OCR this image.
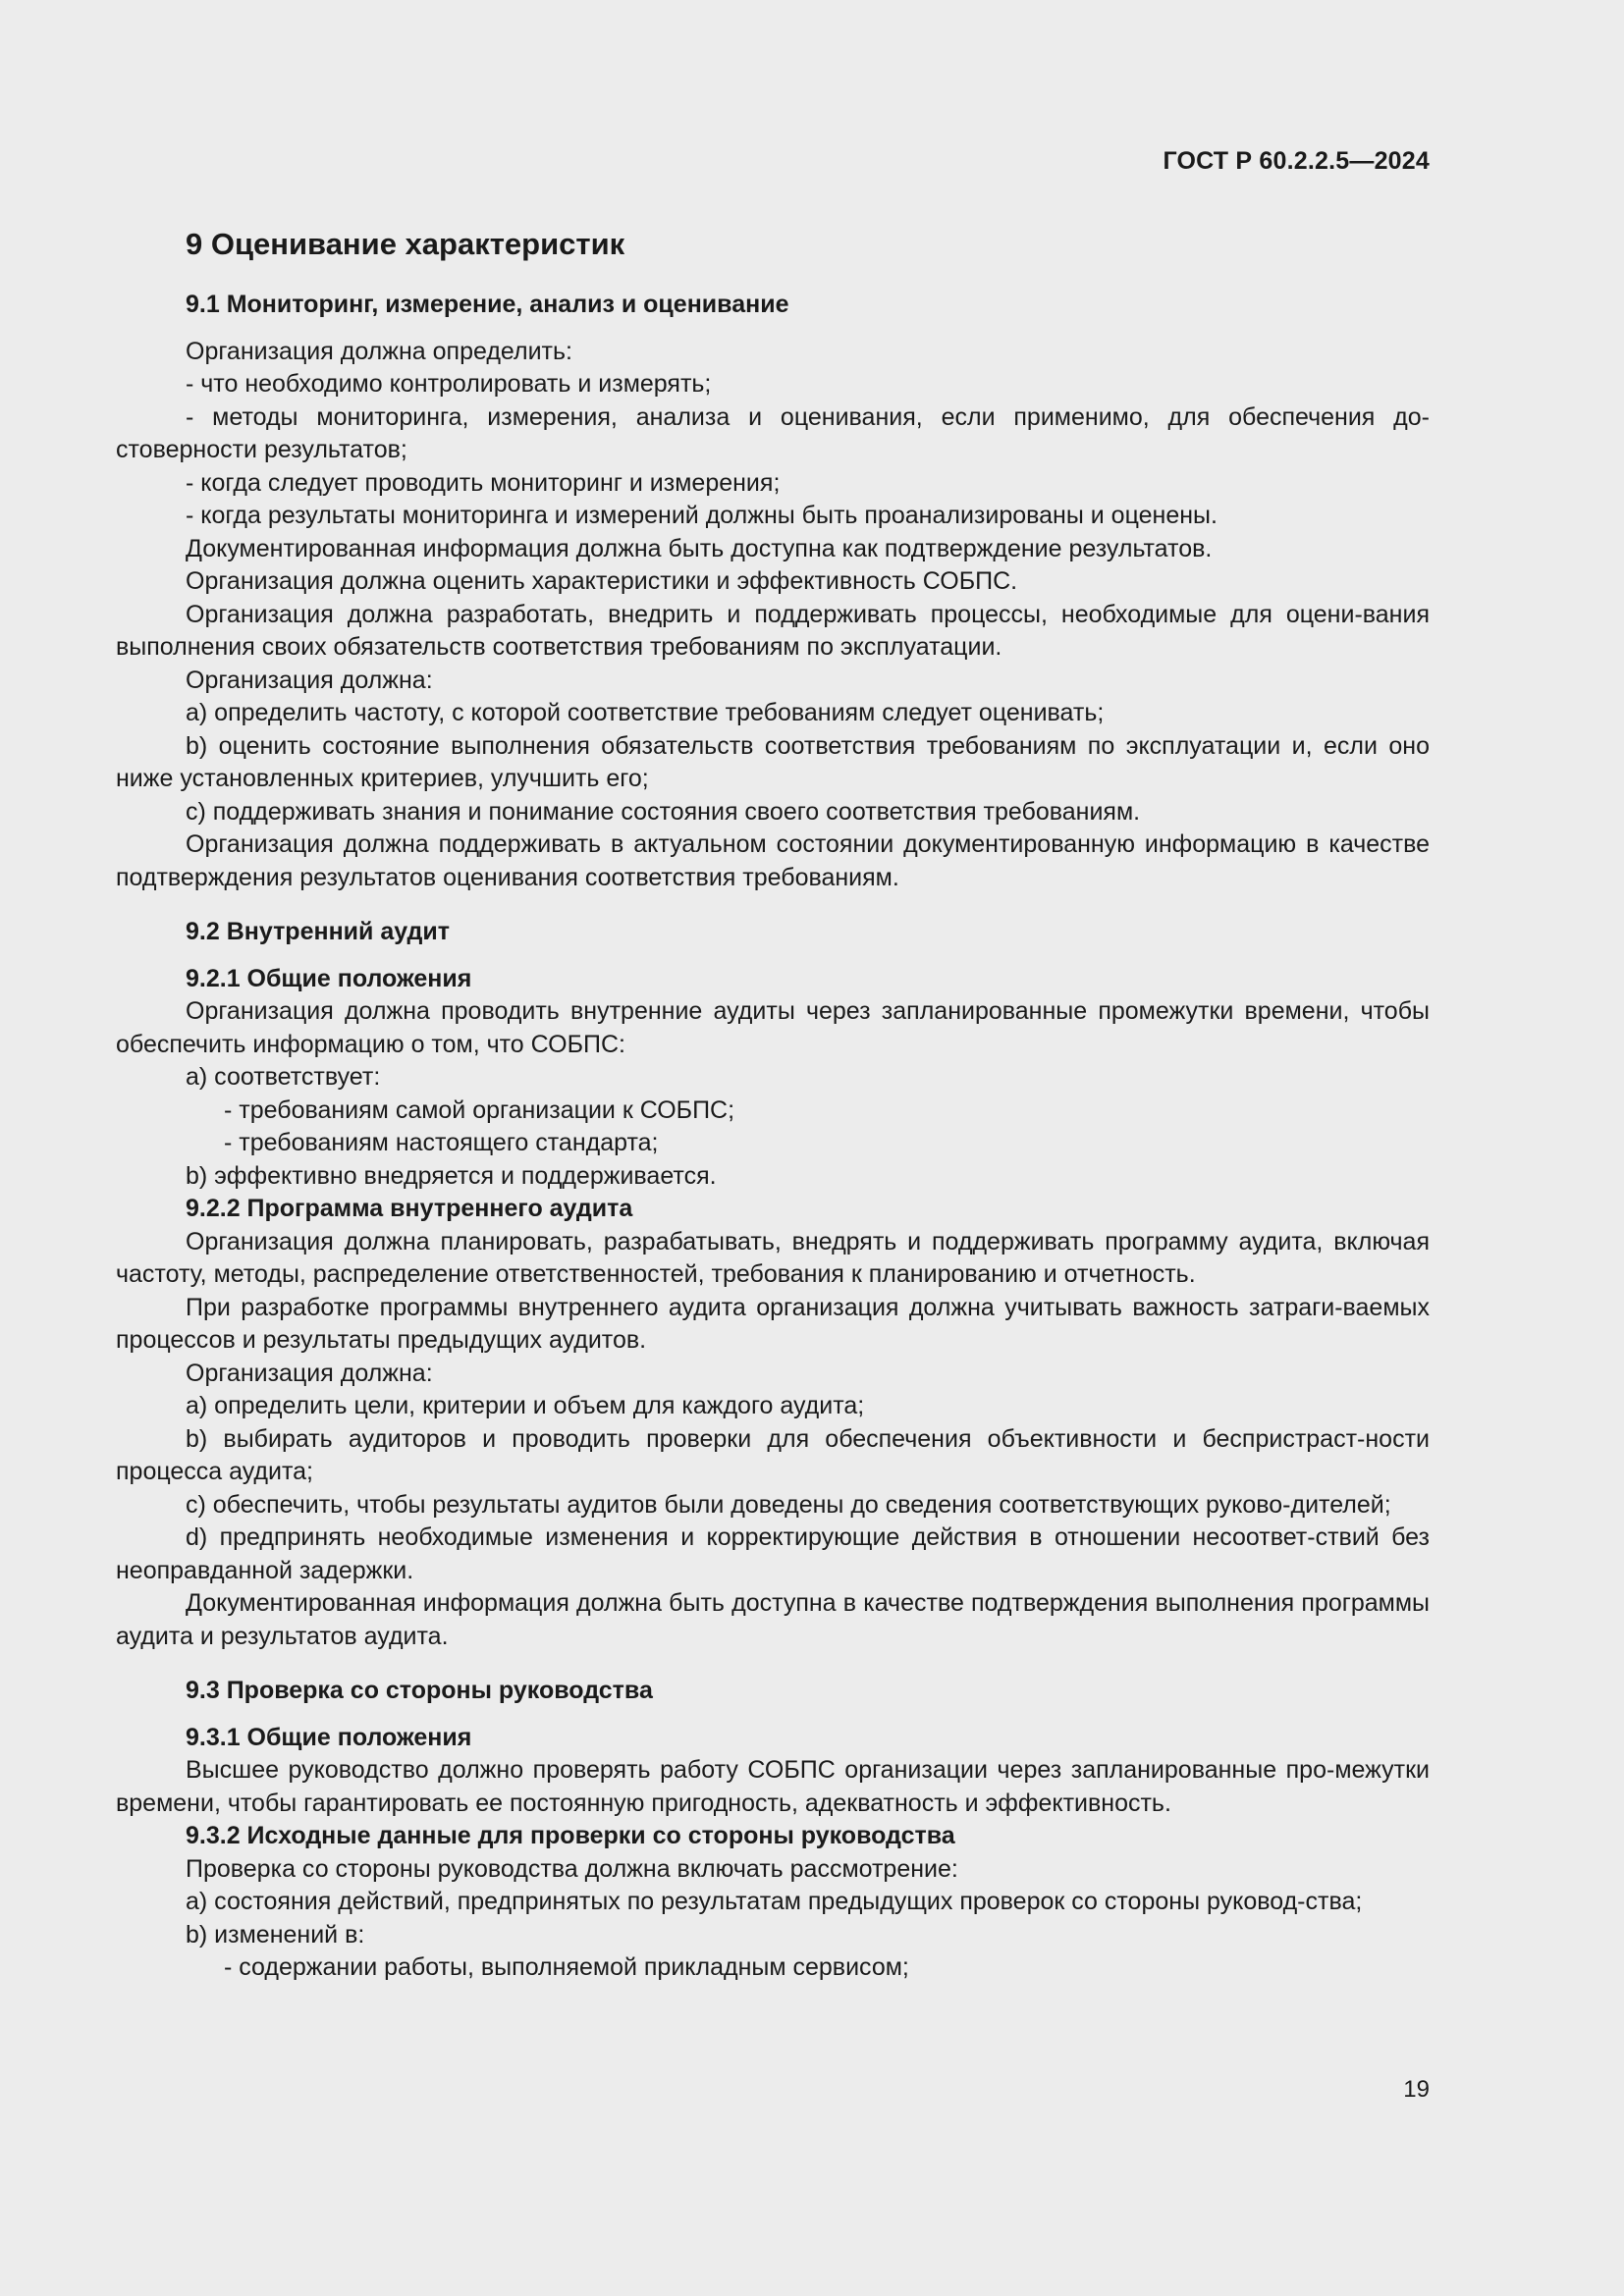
ГОСТ Р 60.2.2.5—2024
9 Оценивание характеристик
9.1 Мониторинг, измерение, анализ и оценивание

Организация должна определить:

- что необходимо контролировать и измерять;

- методы мониторинга, измерения, анализа и оценивания, если применимо, для обеспечения до-стоверности результатов;

- когда следует проводить мониторинг и измерения;

- когда результаты мониторинга и измерений должны быть проанализированы и оценены.

Документированная информация должна быть доступна как подтверждение результатов.

Организация должна оценить характеристики и эффективность СОБПС.

Организация должна разработать, внедрить и поддерживать процессы, необходимые для оцени-вания выполнения своих обязательств соответствия требованиям по эксплуатации.

Организация должна:

a) определить частоту, с которой соответствие требованиям следует оценивать;

b) оценить состояние выполнения обязательств соответствия требованиям по эксплуатации и, если оно ниже установленных критериев, улучшить его;

c) поддерживать знания и понимание состояния своего соответствия требованиям.

Организация должна поддерживать в актуальном состоянии документированную информацию в качестве подтверждения результатов оценивания соответствия требованиям.

9.2 Внутренний аудит
9.2.1 Общие положения

Организация должна проводить внутренние аудиты через запланированные промежутки времени, чтобы обеспечить информацию о том, что СОБПС:

a) соответствует:

- требованиям самой организации к СОБПС;

- требованиям настоящего стандарта;

b) эффективно внедряется и поддерживается.

9.2.2 Программа внутреннего аудита

Организация должна планировать, разрабатывать, внедрять и поддерживать программу аудита, включая частоту, методы, распределение ответственностей, требования к планированию и отчетность.

При разработке программы внутреннего аудита организация должна учитывать важность затраги-ваемых процессов и результаты предыдущих аудитов.

Организация должна:

a) определить цели, критерии и объем для каждого аудита;

b) выбирать аудиторов и проводить проверки для обеспечения объективности и беспристраст-ности процесса аудита;

c) обеспечить, чтобы результаты аудитов были доведены до сведения соответствующих руково-дителей;

d) предпринять необходимые изменения и корректирующие действия в отношении несоответ-ствий без неоправданной задержки.

Документированная информация должна быть доступна в качестве подтверждения выполнения программы аудита и результатов аудита.

9.3 Проверка со стороны руководства
9.3.1 Общие положения

Высшее руководство должно проверять работу СОБПС организации через запланированные про-межутки времени, чтобы гарантировать ее постоянную пригодность, адекватность и эффективность.

9.3.2 Исходные данные для проверки со стороны руководства

Проверка со стороны руководства должна включать рассмотрение:

a) состояния действий, предпринятых по результатам предыдущих проверок со стороны руковод-ства;

b) изменений в:

- содержании работы, выполняемой прикладным сервисом;

19
